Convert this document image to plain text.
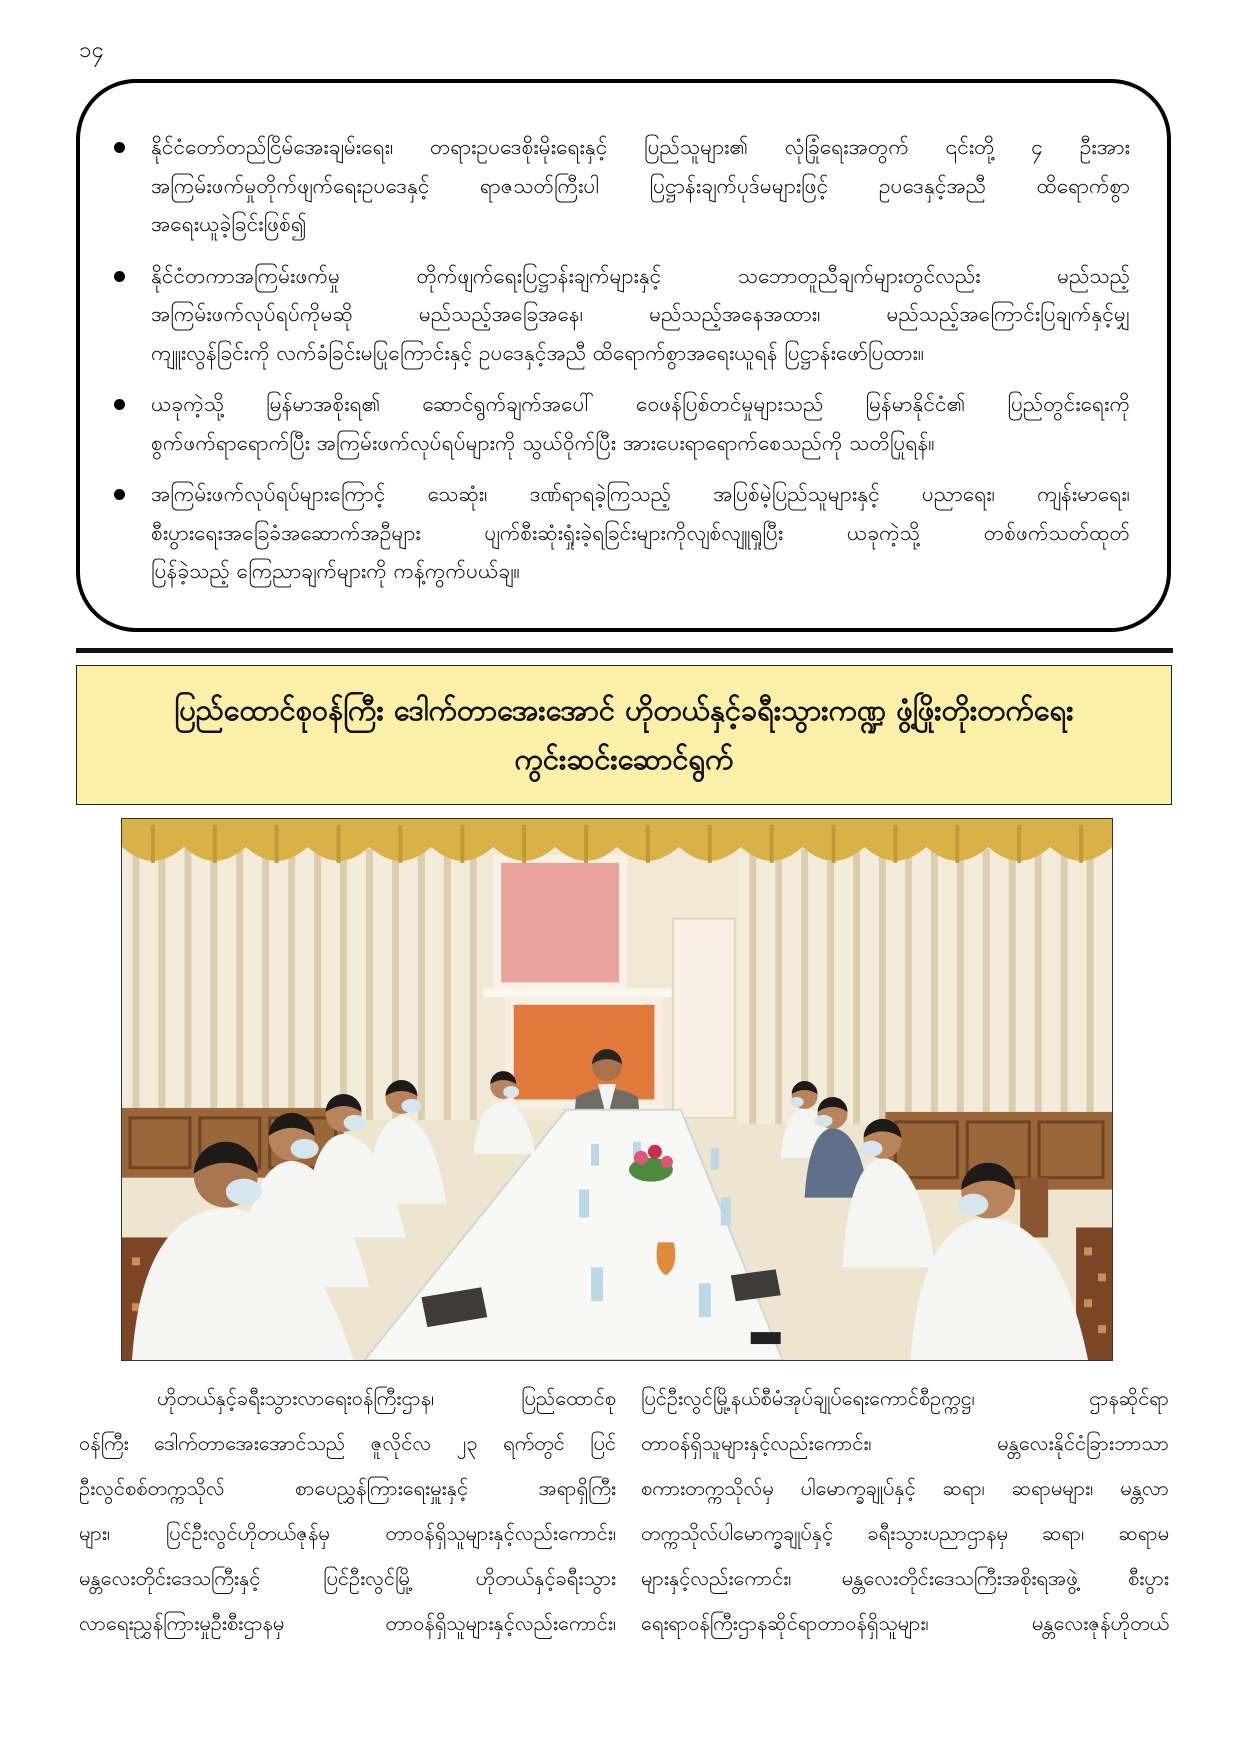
၁၄
နိုင်ငံတော်တည်ငြိမ်အေးချမ်းရေး၊ တရားဥပဒေစိုးမိုးရေးနှင့် ပြည်သူများ၏ လုံခြုံရေးအတွက် ၎င်းတို့ ၄ ဦးအား
အကြမ်းဖက်မှုတိုက်ဖျက်ရေးဥပဒေနှင့် ရာဇသတ်ကြီးပါ ပြဋ္ဌာန်းချက်ပုဒ်မများဖြင့် ဥပဒေနှင့်အညီ ထိရောက်စွာ
အရေးယူခဲ့ခြင်းဖြစ်၍
နိုင်ငံတကာအကြမ်းဖက်မှု တိုက်ဖျက်ရေးပြဋ္ဌာန်းချက်များနှင့် သဘောတူညီချက်များတွင်လည်း မည်သည့်
အကြမ်းဖက်လုပ်ရပ်ကိုမဆို မည်သည့်အခြေအနေ၊ မည်သည့်အနေအထား၊ မည်သည့်အကြောင်းပြချက်နှင့်မျှ
ကျူးလွန်ခြင်းကို လက်ခံခြင်းမပြုကြောင်းနှင့် ဥပဒေနှင့်အညီ ထိရောက်စွာအရေးယူရန် ပြဋ္ဌာန်းဖော်ပြထား။
ယခုကဲ့သို့ မြန်မာအစိုးရ၏ ဆောင်ရွက်ချက်အပေါ် ဝေဖန်ပြစ်တင်မှုများသည် မြန်မာနိုင်ငံ၏ ပြည်တွင်းရေးကို
စွက်ဖက်ရာရောက်ပြီး အကြမ်းဖက်လုပ်ရပ်များကို သွယ်ဝိုက်ပြီး အားပေးရာရောက်စေသည်ကို သတိပြုရန်။
အကြမ်းဖက်လုပ်ရပ်များကြောင့် သေဆုံး၊ ဒဏ်ရာရခဲ့ကြသည့် အပြစ်မဲ့ပြည်သူများနှင့် ပညာရေး၊ ကျန်းမာရေး၊
စီးပွားရေးအခြေခံအဆောက်အဦများ ပျက်စီးဆုံးရှုံးခဲ့ရခြင်းများကိုလျစ်လျူရှုပြီး ယခုကဲ့သို့ တစ်ဖက်သတ်ထုတ်
ပြန်ခဲ့သည့် ကြေညာချက်များကို ကန့်ကွက်ပယ်ချ။
ပြည်ထောင်စုဝန်ကြီး ဒေါက်တာအေးအောင် ဟိုတယ်နှင့်ခရီးသွားကဏ္ဍ ဖွံ့ဖြိုးတိုးတက်ရေး
ကွင်းဆင်းဆောင်ရွက်
ဟိုတယ်နှင့်ခရီးသွားလာရေးဝန်ကြီးဌာန၊ ပြည်ထောင်စု
ဝန်ကြီး ဒေါက်တာအေးအောင်သည် ဇူလိုင်လ ၂၃ ရက်တွင် ပြင်
ဦးလွင်စစ်တက္ကသိုလ် စာပေညွှန်ကြားရေးမှူးနှင့် အရာရှိကြီး
များ၊ ပြင်ဦးလွင်ဟိုတယ်ဇုန်မှ တာဝန်ရှိသူများနှင့်လည်းကောင်း၊
မန္တလေးတိုင်းဒေသကြီးနှင့် ပြင်ဦးလွင်မြို့ ဟိုတယ်နှင့်ခရီးသွား
လာရေးညွှန်ကြားမှုဦးစီးဌာနမှ တာဝန်ရှိသူများနှင့်လည်းကောင်း၊
ပြင်ဦးလွင်မြို့နယ်စီမံအုပ်ချုပ်ရေးကောင်စီဥက္ကဋ္ဌ၊ ဌာနဆိုင်ရာ
တာဝန်ရှိသူများနှင့်လည်းကောင်း၊ မန္တလေးနိုင်ငံခြားဘာသာ
စကားတက္ကသိုလ်မှ ပါမောက္ခချုပ်နှင့် ဆရာ၊ ဆရာမများ၊ မန္တလာ
တက္ကသိုလ်ပါမောက္ခချုပ်နှင့် ခရီးသွားပညာဌာနမှ ဆရာ၊ ဆရာမ
များနှင့်လည်းကောင်း၊ မန္တလေးတိုင်းဒေသကြီးအစိုးရအဖွဲ့ စီးပွား
ရေးရာဝန်ကြီးဌာနဆိုင်ရာတာဝန်ရှိသူများ၊ မန္တလေးဇုန်ဟိုတယ်
